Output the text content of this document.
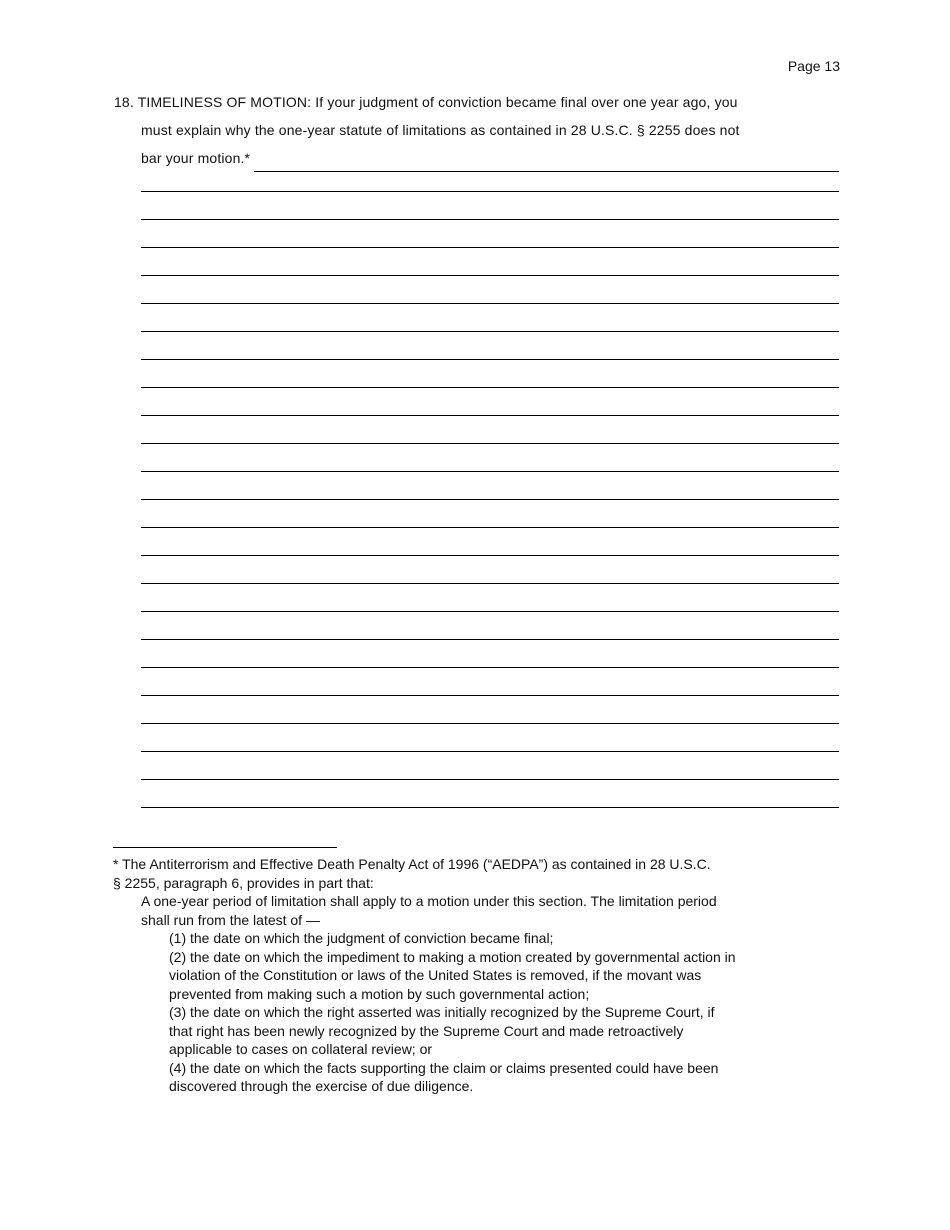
Page 13
18. TIMELINESS OF MOTION: If your judgment of conviction became final over one year ago, you
must explain why the one-year statute of limitations as contained in 28 U.S.C. § 2255 does not
bar your motion.*
* The Antiterrorism and Effective Death Penalty Act of 1996 (“AEDPA”) as contained in 28 U.S.C.
§ 2255, paragraph 6, provides in part that:
A one-year period of limitation shall apply to a motion under this section. The limitation period
shall run from the latest of —
(1) the date on which the judgment of conviction became final;
(2) the date on which the impediment to making a motion created by governmental action in
violation of the Constitution or laws of the United States is removed, if the movant was
prevented from making such a motion by such governmental action;
(3) the date on which the right asserted was initially recognized by the Supreme Court, if
that right has been newly recognized by the Supreme Court and made retroactively
applicable to cases on collateral review; or
(4) the date on which the facts supporting the claim or claims presented could have been
discovered through the exercise of due diligence.
